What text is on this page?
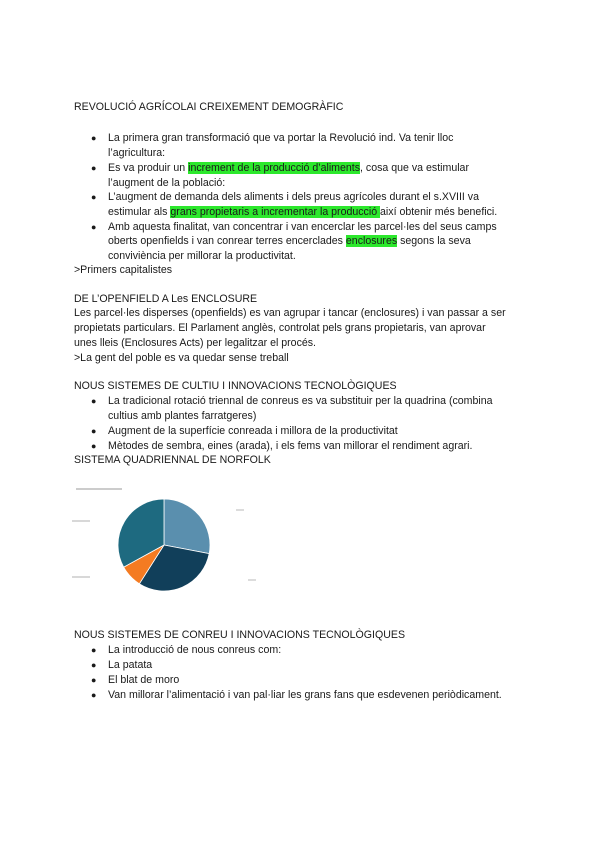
REVOLUCIÓ AGRÍCOLAI CREIXEMENT DEMOGRÀFIC
● La primera gran transformació que va portar la Revolució ind. Va tenir lloc
l’agricultura:
● Es va produir un increment de la producció d’aliments, cosa que va estimular
l’augment de la població:
● L’augment de demanda dels aliments i dels preus agrícoles durant el s.XVIII va
estimular als grans propietaris a incrementar la producció així obtenir més benefici.
● Amb aquesta finalitat, van concentrar i van encerclar les parcel·les del seus camps
oberts openfields i van conrear terres encerclades enclosures segons la seva
conviviència per millorar la productivitat.
>Primers capitalistes
DE L’OPENFIELD A Les ENCLOSURE
Les parcel·les disperses (openfields) es van agrupar i tancar (enclosures) i van passar a ser
propietats particulars. El Parlament anglès, controlat pels grans propietaris, van aprovar
unes lleis (Enclosures Acts) per legalitzar el procés.
>La gent del poble es va quedar sense treball
NOUS SISTEMES DE CULTIU I INNOVACIONS TECNOLÒGIQUES
● La tradicional rotació triennal de conreus es va substituir per la quadrina (combina
cultius amb plantes farratgeres)
● Augment de la superfície conreada i millora de la productivitat
● Mètodes de sembra, eines (arada), i els fems van millorar el rendiment agrari.
SISTEMA QUADRIENNAL DE NORFOLK
NOUS SISTEMES DE CONREU I INNOVACIONS TECNOLÒGIQUES
● La introducció de nous conreus com:
● La patata
● El blat de moro
● Van millorar l’alimentació i van pal·liar les grans fans que esdevenen periòdicament.
